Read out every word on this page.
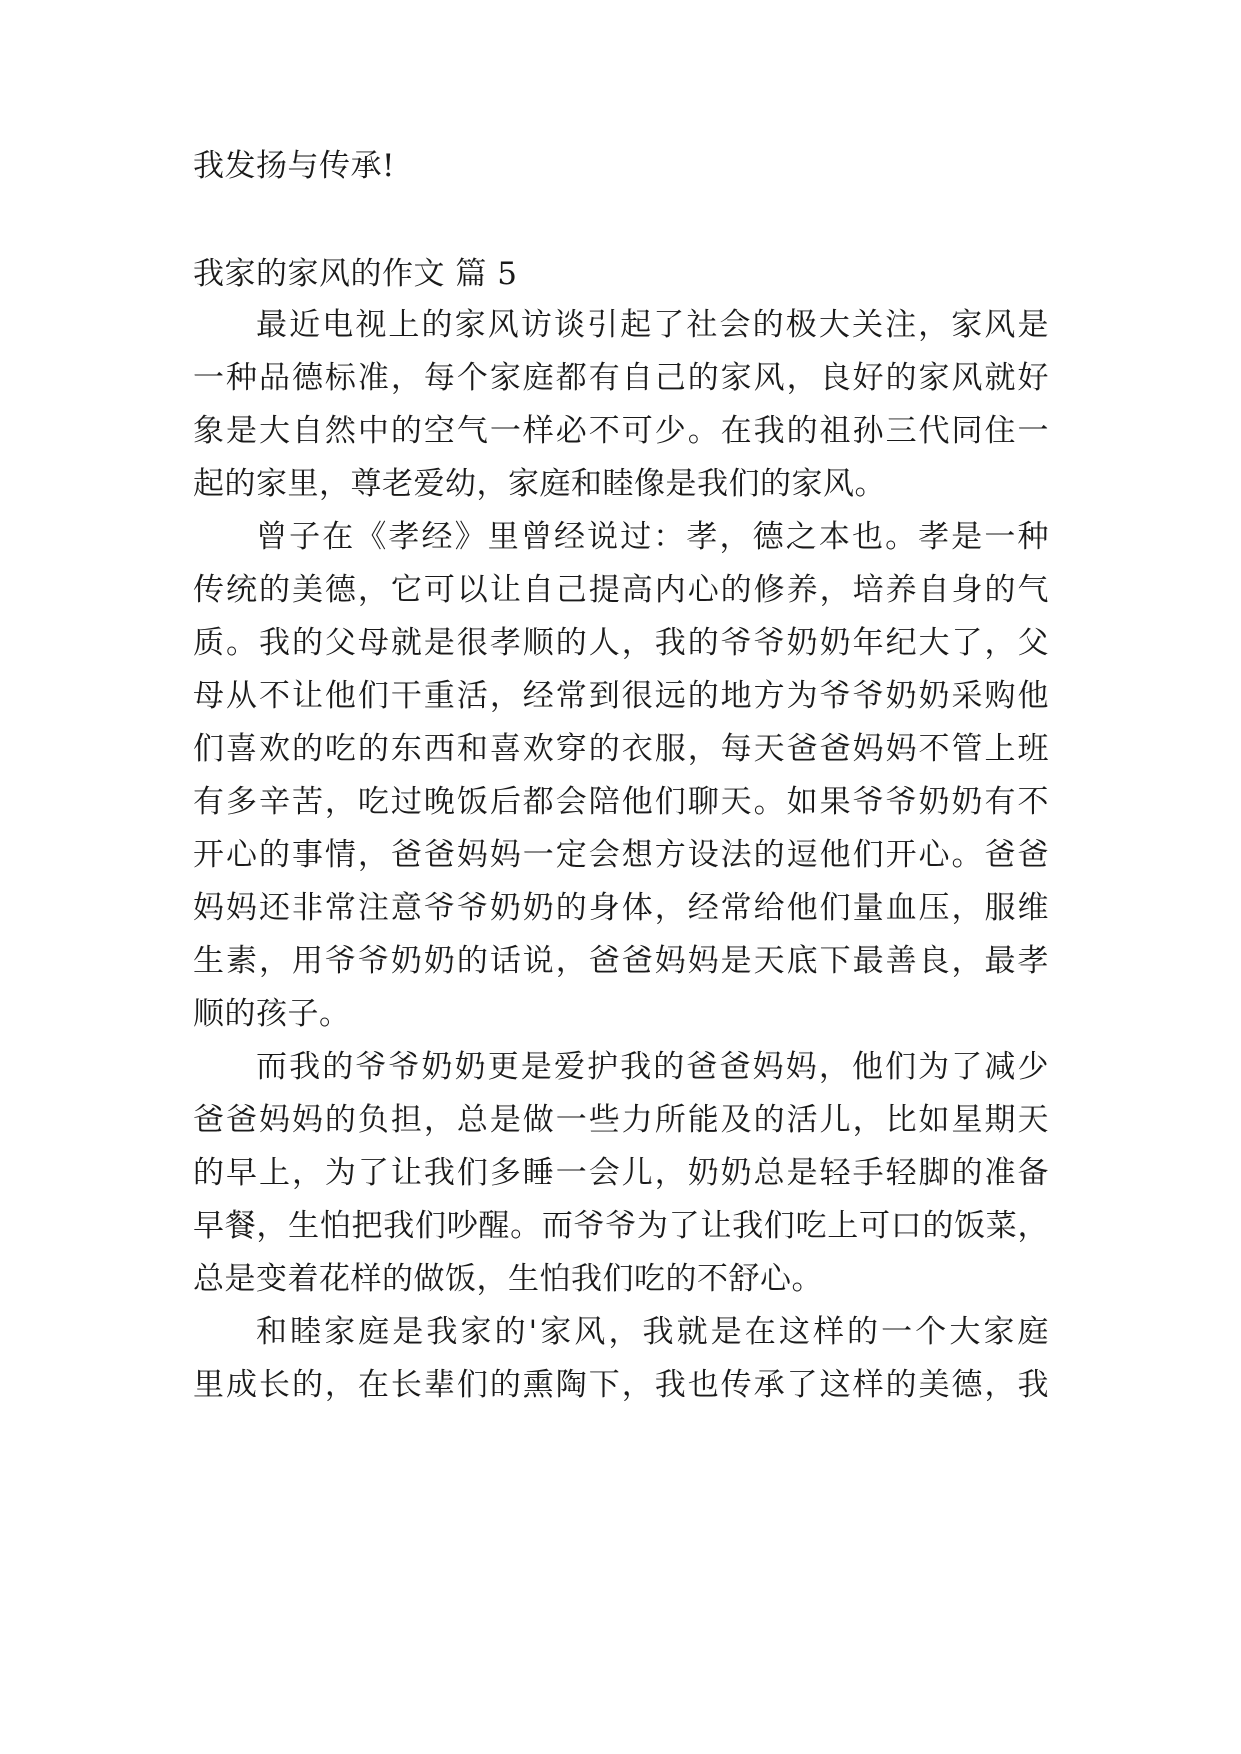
我发扬与传承!
我家的家风的作文 篇 5
最近电视上的家风访谈引起了社会的极大关注，家风是
一种品德标准，每个家庭都有自己的家风，良好的家风就好
象是大自然中的空气一样必不可少。在我的祖孙三代同住一
起的家里，尊老爱幼，家庭和睦像是我们的家风。
曾子在《孝经》里曾经说过：孝，德之本也。孝是一种
传统的美德，它可以让自己提高内心的修养，培养自身的气
质。我的父母就是很孝顺的人，我的爷爷奶奶年纪大了，父
母从不让他们干重活，经常到很远的地方为爷爷奶奶采购他
们喜欢的吃的东西和喜欢穿的衣服，每天爸爸妈妈不管上班
有多辛苦，吃过晚饭后都会陪他们聊天。如果爷爷奶奶有不
开心的事情，爸爸妈妈一定会想方设法的逗他们开心。爸爸
妈妈还非常注意爷爷奶奶的身体，经常给他们量血压，服维
生素，用爷爷奶奶的话说，爸爸妈妈是天底下最善良，最孝
顺的孩子。
而我的爷爷奶奶更是爱护我的爸爸妈妈，他们为了减少
爸爸妈妈的负担，总是做一些力所能及的活儿，比如星期天
的早上，为了让我们多睡一会儿，奶奶总是轻手轻脚的准备
早餐，生怕把我们吵醒。而爷爷为了让我们吃上可口的饭菜，
总是变着花样的做饭，生怕我们吃的不舒心。
和睦家庭是我家的'家风，我就是在这样的一个大家庭
里成长的，在长辈们的熏陶下，我也传承了这样的美德，我
